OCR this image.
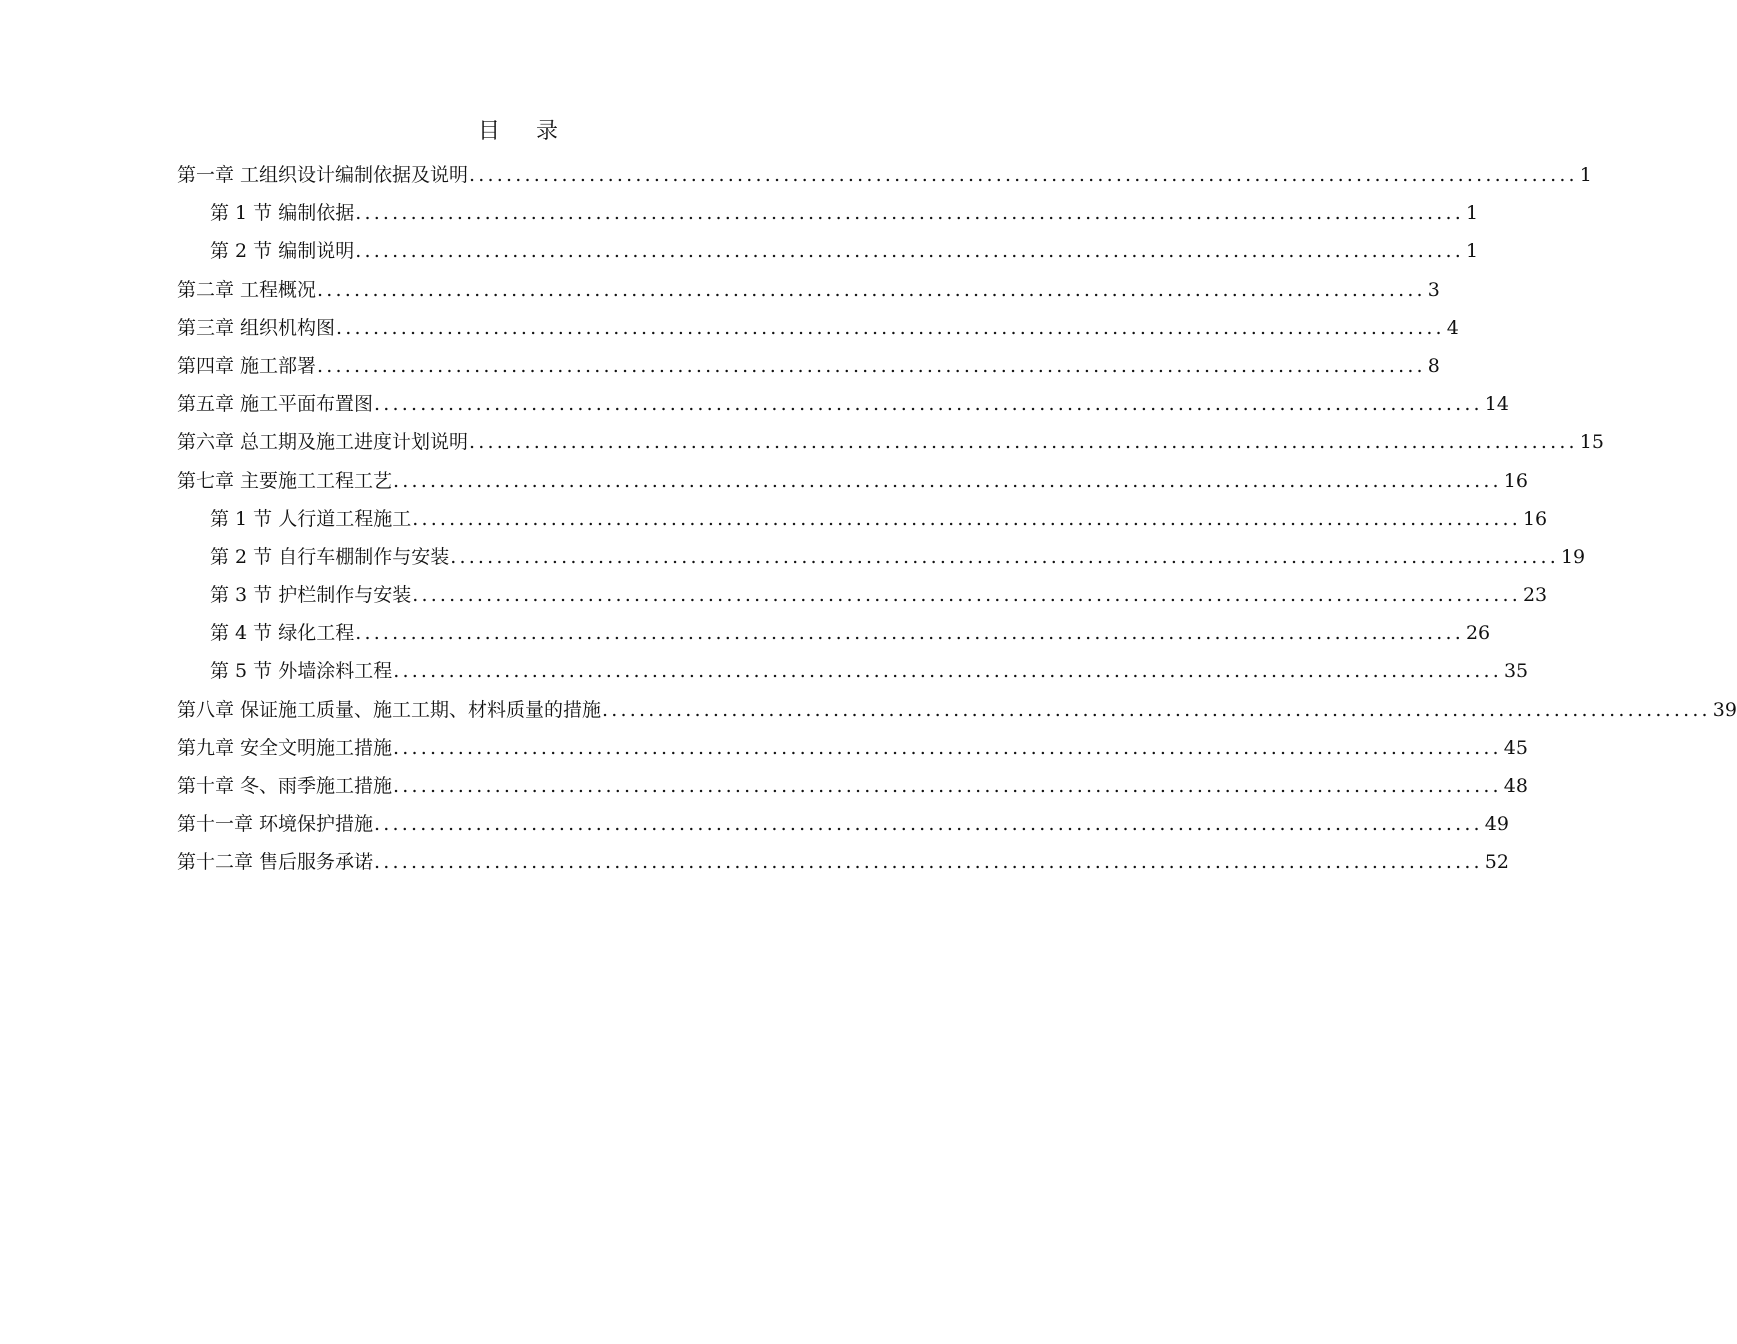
目 录
第一章 工组织设计编制依据及说明 ........................................................................................................................ 1
第 1 节 编制依据 ........................................................................................................................ 1
第 2 节 编制说明 ........................................................................................................................ 1
第二章 工程概况 ........................................................................................................................ 3
第三章 组织机构图 ........................................................................................................................ 4
第四章 施工部署 ........................................................................................................................ 8
第五章 施工平面布置图 ........................................................................................................................ 14
第六章 总工期及施工进度计划说明 ........................................................................................................................ 15
第七章 主要施工工程工艺 ........................................................................................................................ 16
第 1 节 人行道工程施工 ........................................................................................................................ 16
第 2 节 自行车棚制作与安装 ........................................................................................................................ 19
第 3 节 护栏制作与安装 ........................................................................................................................ 23
第 4 节 绿化工程 ........................................................................................................................ 26
第 5 节 外墙涂料工程 ........................................................................................................................ 35
第八章 保证施工质量、施工工期、材料质量的措施 ........................................................................................................................ 39
第九章 安全文明施工措施 ........................................................................................................................ 45
第十章 冬、雨季施工措施 ........................................................................................................................ 48
第十一章 环境保护措施 ........................................................................................................................ 49
第十二章 售后服务承诺 ........................................................................................................................ 52
